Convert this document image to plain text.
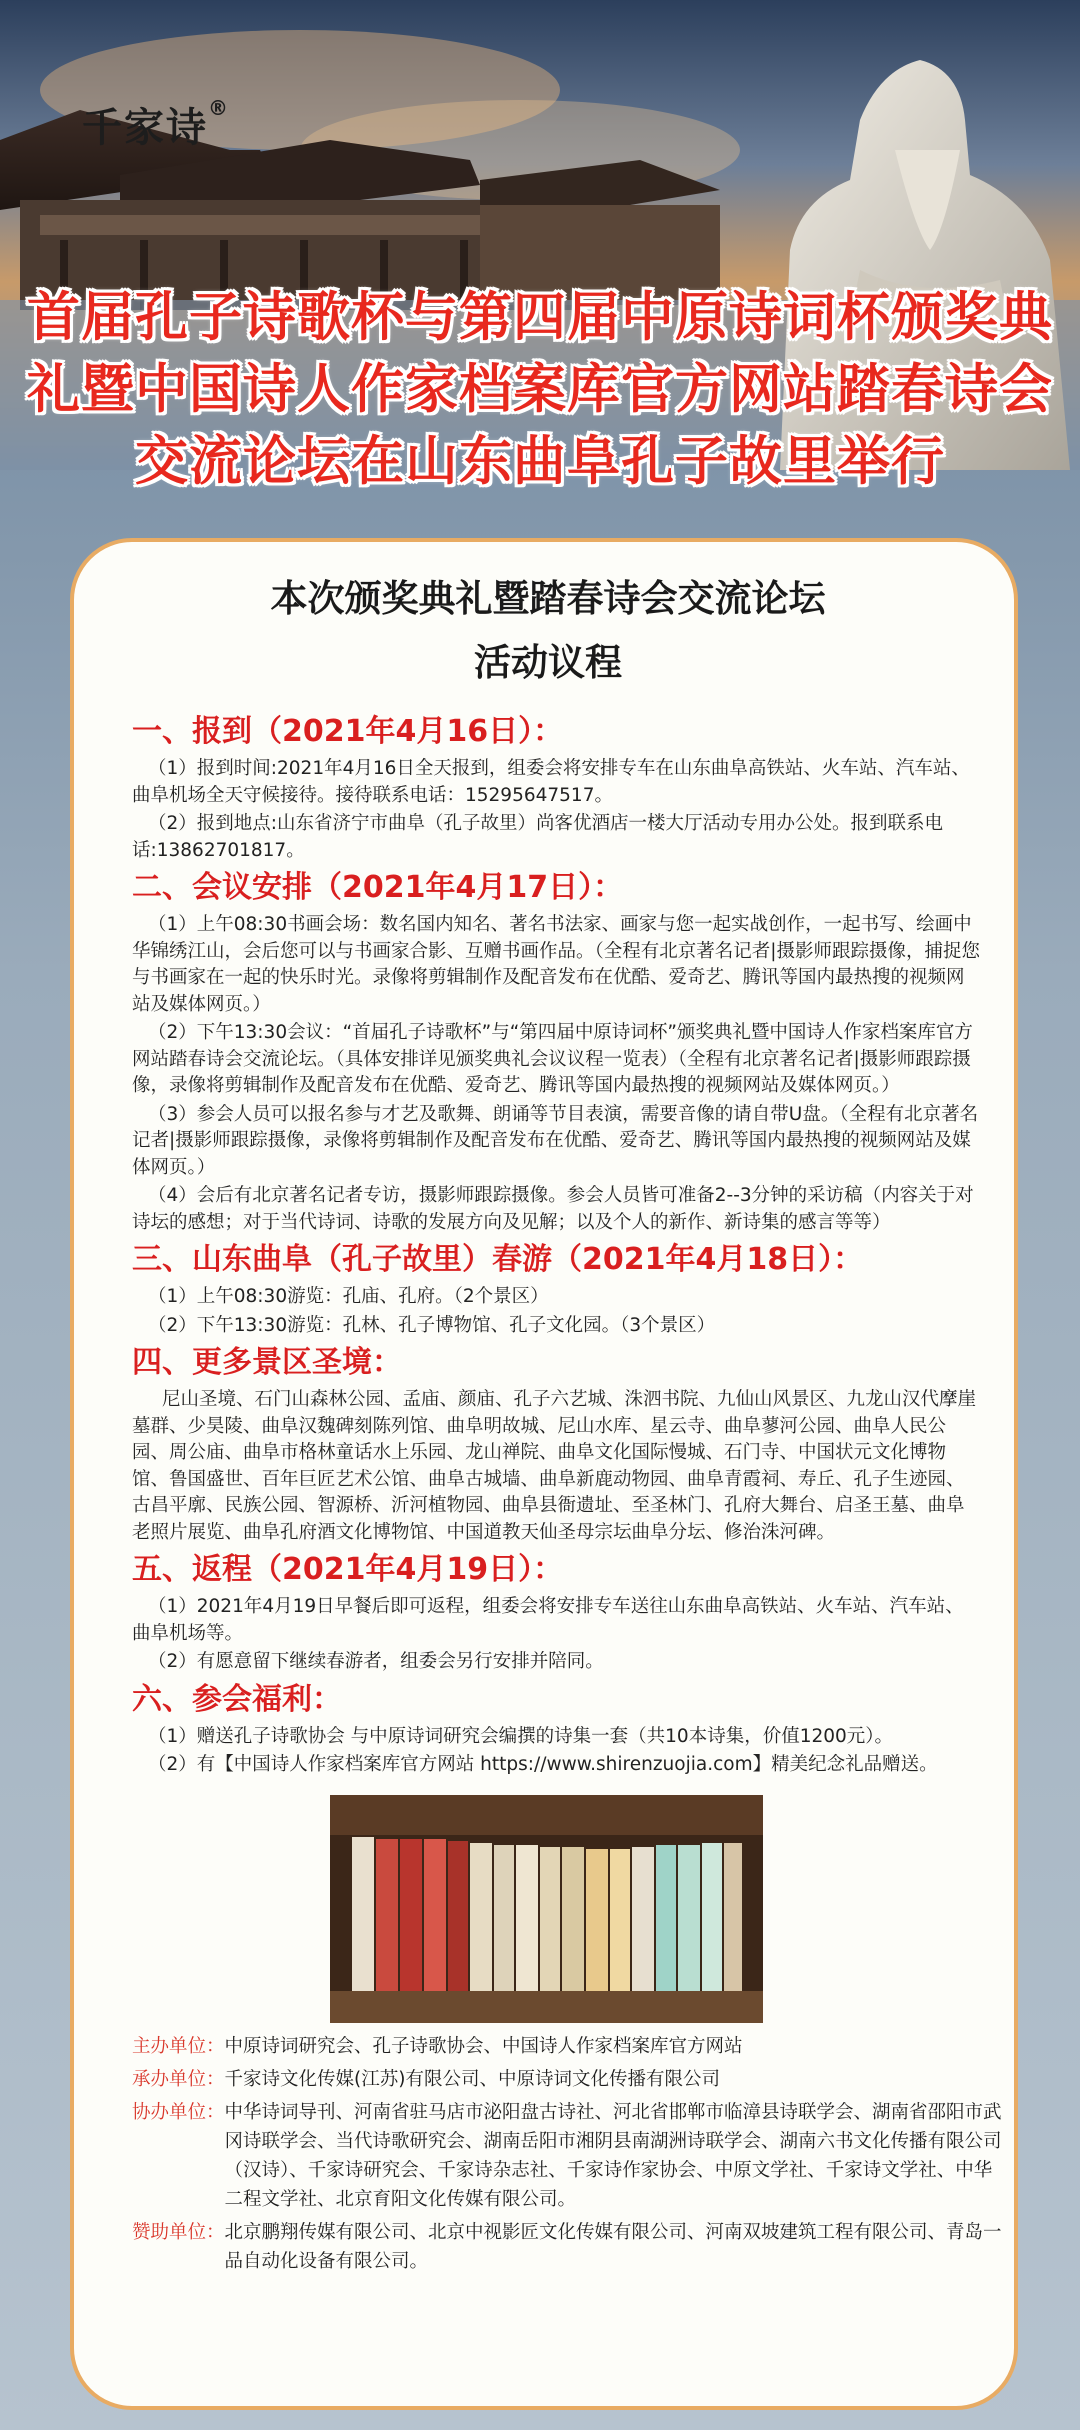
千家诗®
首届孔子诗歌杯与第四届中原诗词杯颁奖典
礼暨中国诗人作家档案库官方网站踏春诗会
交流论坛在山东曲阜孔子故里举行
本次颁奖典礼暨踏春诗会交流论坛
活动议程

一、报到（2021年4月16日）：

（1）报到时间:2021年4月16日全天报到，组委会将安排专车在山东曲阜高铁站、火车站、汽车站、曲阜机场全天守候接待。接待联系电话：15295647517。

（2）报到地点:山东省济宁市曲阜（孔子故里）尚客优酒店一楼大厅活动专用办公处。报到联系电话:13862701817。

二、会议安排（2021年4月17日）：

（1）上午08:30书画会场：数名国内知名、著名书法家、画家与您一起实战创作，一起书写、绘画中华锦绣江山，会后您可以与书画家合影、互赠书画作品。（全程有北京著名记者|摄影师跟踪摄像，捕捉您与书画家在一起的快乐时光。录像将剪辑制作及配音发布在优酷、爱奇艺、腾讯等国内最热搜的视频网站及媒体网页。）

（2）下午13:30会议：“首届孔子诗歌杯”与“第四届中原诗词杯”颁奖典礼暨中国诗人作家档案库官方网站踏春诗会交流论坛。（具体安排详见颁奖典礼会议议程一览表）（全程有北京著名记者|摄影师跟踪摄像，录像将剪辑制作及配音发布在优酷、爱奇艺、腾讯等国内最热搜的视频网站及媒体网页。）

（3）参会人员可以报名参与才艺及歌舞、朗诵等节目表演，需要音像的请自带U盘。（全程有北京著名记者|摄影师跟踪摄像，录像将剪辑制作及配音发布在优酷、爱奇艺、腾讯等国内最热搜的视频网站及媒体网页。）

（4）会后有北京著名记者专访，摄影师跟踪摄像。参会人员皆可准备2--3分钟的采访稿（内容关于对诗坛的感想；对于当代诗词、诗歌的发展方向及见解；以及个人的新作、新诗集的感言等等）

三、山东曲阜（孔子故里）春游（2021年4月18日）：

（1）上午08:30游览：孔庙、孔府。（2个景区）

（2）下午13:30游览：孔林、孔子博物馆、孔子文化园。（3个景区）

四、更多景区圣境：

尼山圣境、石门山森林公园、孟庙、颜庙、孔子六艺城、洙泗书院、九仙山风景区、九龙山汉代摩崖墓群、少昊陵、曲阜汉魏碑刻陈列馆、曲阜明故城、尼山水库、星云寺、曲阜蓼河公园、曲阜人民公园、周公庙、曲阜市格林童话水上乐园、龙山禅院、曲阜文化国际慢城、石门寺、中国状元文化博物馆、鲁国盛世、百年巨匠艺术公馆、曲阜古城墙、曲阜新鹿动物园、曲阜青霞祠、寿丘、孔子生迹园、古昌平廓、民族公园、智源桥、沂河植物园、曲阜县衙遗址、至圣林门、孔府大舞台、启圣王墓、曲阜老照片展览、曲阜孔府酒文化博物馆、中国道教天仙圣母宗坛曲阜分坛、修治洙河碑。

五、返程（2021年4月19日）：

（1）2021年4月19日早餐后即可返程，组委会将安排专车送往山东曲阜高铁站、火车站、汽车站、曲阜机场等。

（2）有愿意留下继续春游者，组委会另行安排并陪同。

六、参会福利：

（1）赠送孔子诗歌协会 与中原诗词研究会编撰的诗集一套（共10本诗集，价值1200元）。

（2）有【中国诗人作家档案库官方网站 https://www.shirenzuojia.com】精美纪念礼品赠送。

主办单位： 中原诗词研究会、孔子诗歌协会、中国诗人作家档案库官方网站
承办单位： 千家诗文化传媒(江苏)有限公司、中原诗词文化传播有限公司
协办单位： 中华诗词导刊、河南省驻马店市泌阳盘古诗社、河北省邯郸市临漳县诗联学会、湖南省邵阳市武冈诗联学会、当代诗歌研究会、湖南岳阳市湘阴县南湖洲诗联学会、湖南六书文化传播有限公司（汉诗）、千家诗研究会、千家诗杂志社、千家诗作家协会、中原文学社、千家诗文学社、中华二程文学社、北京育阳文化传媒有限公司。
赞助单位： 北京鹏翔传媒有限公司、北京中视影匠文化传媒有限公司、河南双坡建筑工程有限公司、青岛一品自动化设备有限公司。
